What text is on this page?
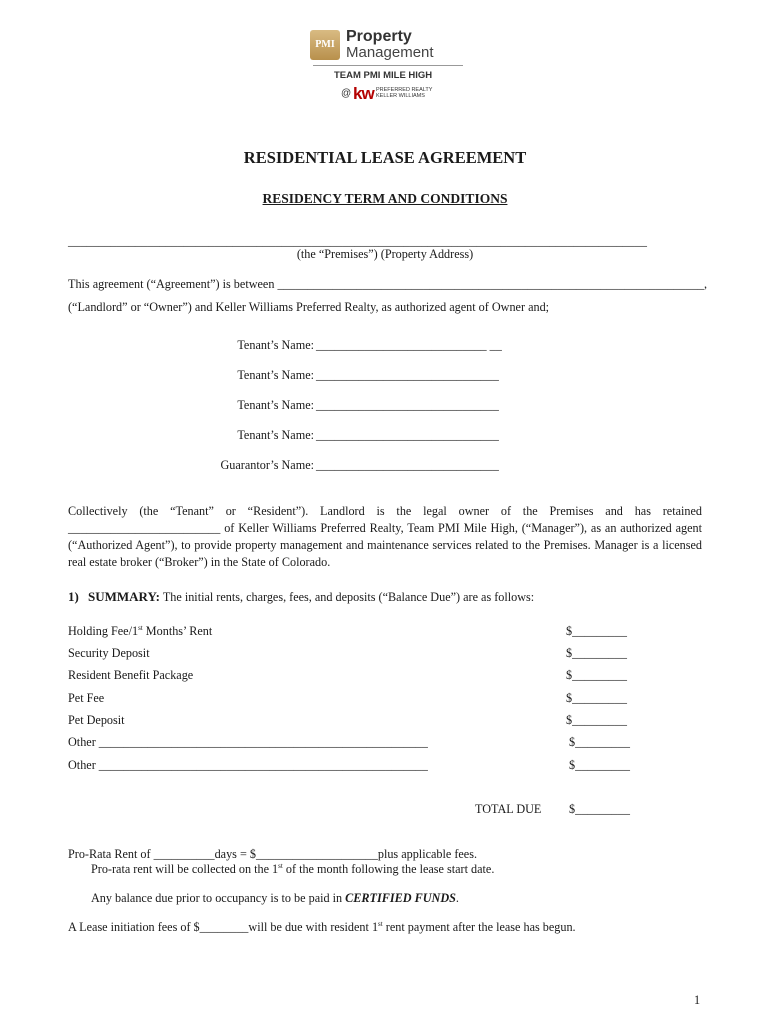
PMI Property
Management
TEAM PMI MILE HIGH
@ kw PREFERRED REALTY
KELLER WILLIAMS
RESIDENTIAL LEASE AGREEMENT
RESIDENCY TERM AND CONDITIONS
_______________________________________________________________________________________________
(the “Premises”) (Property Address)
This agreement (“Agreement”) is between ______________________________________________________________________,
(“Landlord” or “Owner”) and Keller Williams Preferred Realty, as authorized agent of Owner and;
Tenant’s Name: ____________________________ __
Tenant’s Name: ______________________________
Tenant’s Name: ______________________________
Tenant’s Name: ______________________________
Guarantor’s Name: ______________________________
Collectively (the “Tenant” or “Resident”). Landlord is the legal owner of the Premises and has retained _________________________ of Keller Williams Preferred Realty, Team PMI Mile High, (“Manager”), as an authorized agent (“Authorized Agent”), to provide property management and maintenance services related to the Premises. Manager is a licensed real estate broker (“Broker”) in the State of Colorado.
1) SUMMARY: The initial rents, charges, fees, and deposits (“Balance Due”) are as follows:
Holding Fee/1st Months’ Rent	$_________
Security Deposit	$_________
Resident Benefit Package	$_________
Pet Fee	$_________
Pet Deposit	$_________
Other ______________________________________________________	$_________
Other ______________________________________________________	$_________
TOTAL DUE $_________
Pro-Rata Rent of __________days = $____________________plus applicable fees.
Pro-rata rent will be collected on the 1st of the month following the lease start date.
Any balance due prior to occupancy is to be paid in CERTIFIED FUNDS.
A Lease initiation fees of $________will be due with resident 1st rent payment after the lease has begun.
1
